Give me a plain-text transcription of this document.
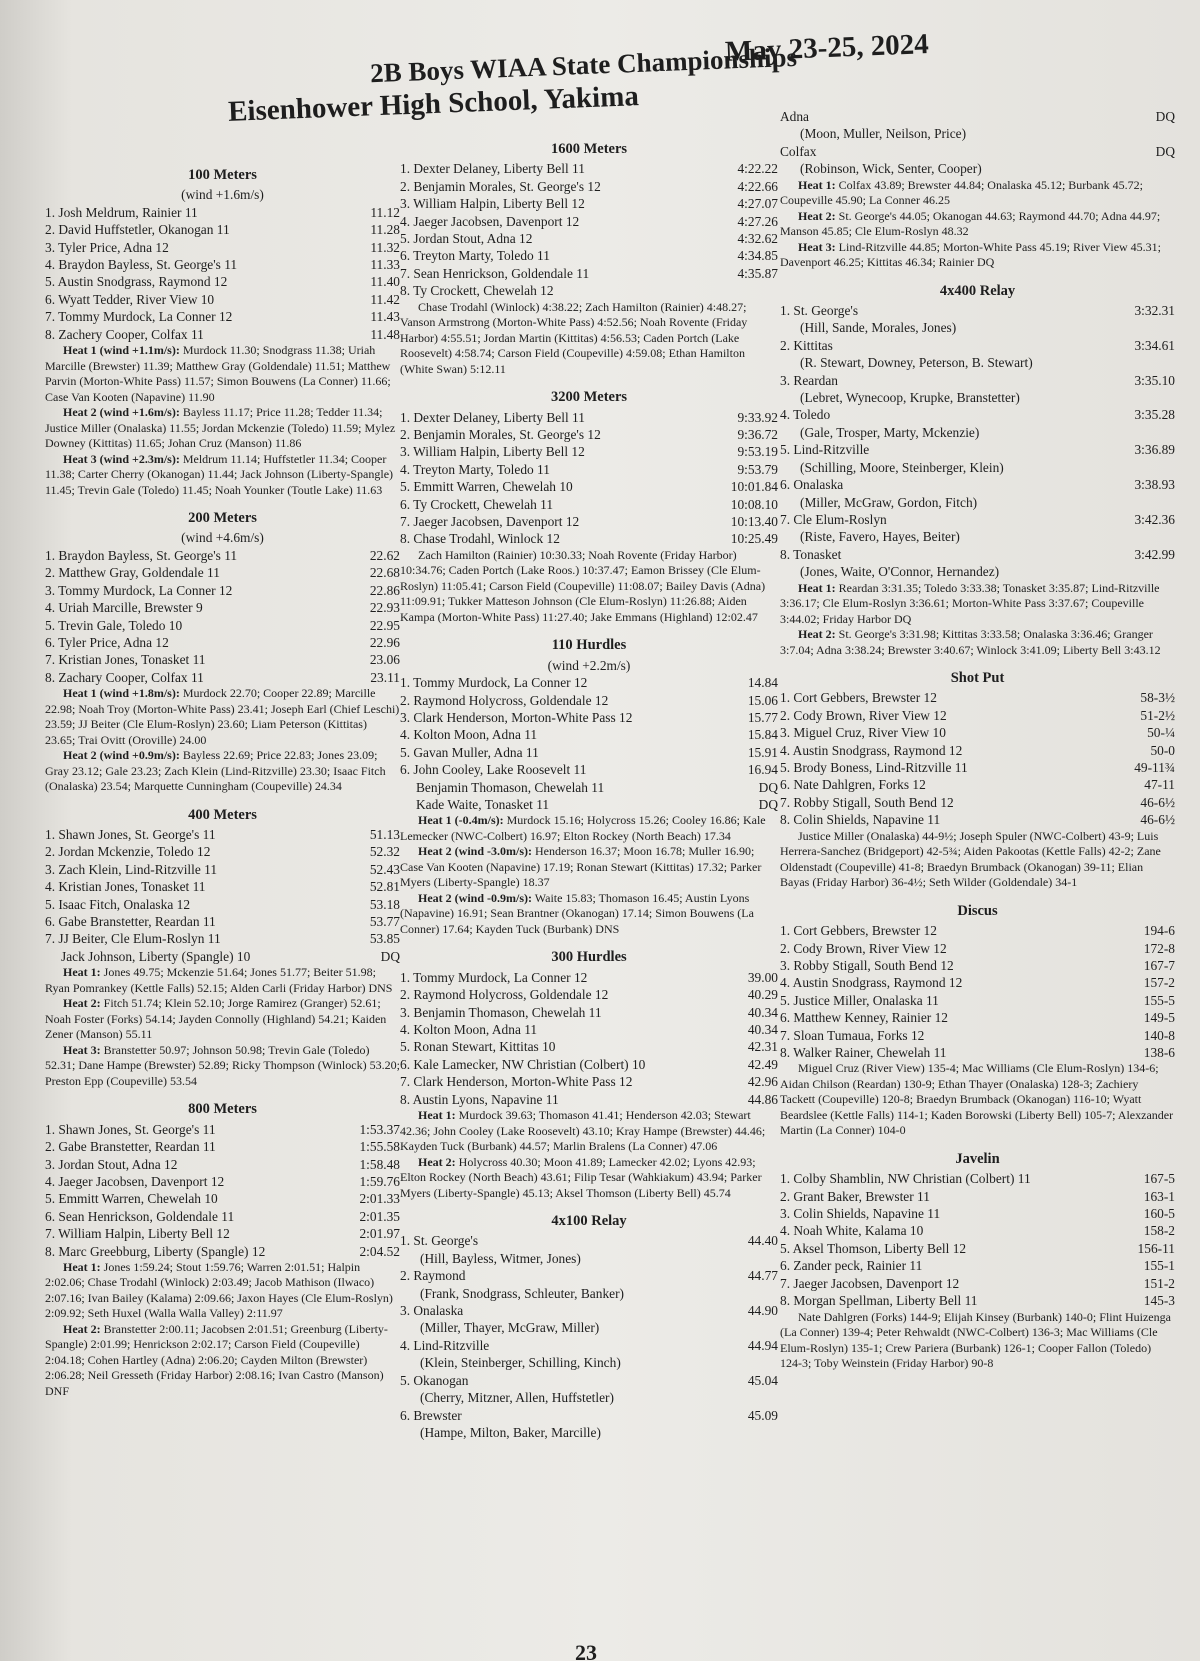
2B Boys WIAA State Championships
Eisenhower High School, Yakima
May 23-25, 2024
100 Meters
(wind +1.6m/s)
1. Josh Meldrum, Rainier 11	11.12
2. David Huffstetler, Okanogan 11	11.28
3. Tyler Price, Adna 12	11.32
4. Braydon Bayless, St. George's 11	11.33
5. Austin Snodgrass, Raymond 12	11.40
6. Wyatt Tedder, River View 10	11.42
7. Tommy Murdock, La Conner 12	11.43
8. Zachery Cooper, Colfax 11	11.48
Heat 1 (wind +1.1m/s): Murdock 11.30; Snodgrass 11.38; Uriah Marcille (Brewster) 11.39; Matthew Gray (Goldendale) 11.51; Matthew Parvin (Morton-White Pass) 11.57; Simon Bouwens (La Conner) 11.66; Case Van Kooten (Napavine) 11.90
Heat 2 (wind +1.6m/s): Bayless 11.17; Price 11.28; Tedder 11.34; Justice Miller (Onalaska) 11.55; Jordan Mckenzie (Toledo) 11.59; Mylez Downey (Kittitas) 11.65; Johan Cruz (Manson) 11.86
Heat 3 (wind +2.3m/s): Meldrum 11.14; Huffstetler 11.34; Cooper 11.38; Carter Cherry (Okanogan) 11.44; Jack Johnson (Liberty-Spangle) 11.45; Trevin Gale (Toledo) 11.45; Noah Younker (Toutle Lake) 11.63
200 Meters
(wind +4.6m/s)
1. Braydon Bayless, St. George's 11	22.62
2. Matthew Gray, Goldendale 11	22.68
3. Tommy Murdock, La Conner 12	22.86
4. Uriah Marcille, Brewster 9	22.93
5. Trevin Gale, Toledo 10	22.95
6. Tyler Price, Adna 12	22.96
7. Kristian Jones, Tonasket 11	23.06
8. Zachary Cooper, Colfax 11	23.11
Heat 1 (wind +1.8m/s): Murdock 22.70; Cooper 22.89; Marcille 22.98; Noah Troy (Morton-White Pass) 23.41; Joseph Earl (Chief Leschi) 23.59; JJ Beiter (Cle Elum-Roslyn) 23.60; Liam Peterson (Kittitas) 23.65; Trai Ovitt (Oroville) 24.00
Heat 2 (wind +0.9m/s): Bayless 22.69; Price 22.83; Jones 23.09; Gray 23.12; Gale 23.23; Zach Klein (Lind-Ritzville) 23.30; Isaac Fitch (Onalaska) 23.54; Marquette Cunningham (Coupeville) 24.34
400 Meters
1. Shawn Jones, St. George's 11	51.13
2. Jordan Mckenzie, Toledo 12	52.32
3. Zach Klein, Lind-Ritzville 11	52.43
4. Kristian Jones, Tonasket 11	52.81
5. Isaac Fitch, Onalaska 12	53.18
6. Gabe Branstetter, Reardan 11	53.77
7. JJ Beiter, Cle Elum-Roslyn 11	53.85
Jack Johnson, Liberty (Spangle) 10	DQ
Heat 1: Jones 49.75; Mckenzie 51.64; Jones 51.77; Beiter 51.98; Ryan Pomrankey (Kettle Falls) 52.15; Alden Carli (Friday Harbor) DNS
Heat 2: Fitch 51.74; Klein 52.10; Jorge Ramirez (Granger) 52.61; Noah Foster (Forks) 54.14; Jayden Connolly (Highland) 54.21; Kaiden Zener (Manson) 55.11
Heat 3: Branstetter 50.97; Johnson 50.98; Trevin Gale (Toledo) 52.31; Dane Hampe (Brewster) 52.89; Ricky Thompson (Winlock) 53.20; Preston Epp (Coupeville) 53.54
800 Meters
1. Shawn Jones, St. George's 11	1:53.37
2. Gabe Branstetter, Reardan 11	1:55.58
3. Jordan Stout, Adna 12	1:58.48
4. Jaeger Jacobsen, Davenport 12	1:59.76
5. Emmitt Warren, Chewelah 10	2:01.33
6. Sean Henrickson, Goldendale 11	2:01.35
7. William Halpin, Liberty Bell 12	2:01.97
8. Marc Greebburg, Liberty (Spangle) 12	2:04.52
Heat 1: Jones 1:59.24; Stout 1:59.76; Warren 2:01.51; Halpin 2:02.06; Chase Trodahl (Winlock) 2:03.49; Jacob Mathison (Ilwaco) 2:07.16; Ivan Bailey (Kalama) 2:09.66; Jaxon Hayes (Cle Elum-Roslyn) 2:09.92; Seth Huxel (Walla Walla Valley) 2:11.97
Heat 2: Branstetter 2:00.11; Jacobsen 2:01.51; Greenburg (Liberty-Spangle) 2:01.99; Henrickson 2:02.17; Carson Field (Coupeville) 2:04.18; Cohen Hartley (Adna) 2:06.20; Cayden Milton (Brewster) 2:06.28; Neil Gresseth (Friday Harbor) 2:08.16; Ivan Castro (Manson) DNF
1600 Meters
1. Dexter Delaney, Liberty Bell 11	4:22.22
2. Benjamin Morales, St. George's 12	4:22.66
3. William Halpin, Liberty Bell 12	4:27.07
4. Jaeger Jacobsen, Davenport 12	4:27.26
5. Jordan Stout, Adna 12	4:32.62
6. Treyton Marty, Toledo 11	4:34.85
7. Sean Henrickson, Goldendale 11	4:35.87
8. Ty Crockett, Chewelah 12
Chase Trodahl (Winlock) 4:38.22; Zach Hamilton (Rainier) 4:48.27; Vanson Armstrong (Morton-White Pass) 4:52.56; Noah Rovente (Friday Harbor) 4:55.51; Jordan Martin (Kittitas) 4:56.53; Caden Portch (Lake Roosevelt) 4:58.74; Carson Field (Coupeville) 4:59.08; Ethan Hamilton (White Swan) 5:12.11
3200 Meters
1. Dexter Delaney, Liberty Bell 11	9:33.92
2. Benjamin Morales, St. George's 12	9:36.72
3. William Halpin, Liberty Bell 12	9:53.19
4. Treyton Marty, Toledo 11	9:53.79
5. Emmitt Warren, Chewelah 10	10:01.84
6. Ty Crockett, Chewelah 11	10:08.10
7. Jaeger Jacobsen, Davenport 12	10:13.40
8. Chase Trodahl, Winlock 12	10:25.49
Zach Hamilton (Rainier) 10:30.33; Noah Rovente (Friday Harbor) 10:34.76; Caden Portch (Lake Roos.) 10:37.47; Eamon Brissey (Cle Elum-Roslyn) 11:05.41; Carson Field (Coupeville) 11:08.07; Bailey Davis (Adna) 11:09.91; Tukker Matteson Johnson (Cle Elum-Roslyn) 11:26.88; Aiden Kampa (Morton-White Pass) 11:27.40; Jake Emmans (Highland) 12:02.47
110 Hurdles
(wind +2.2m/s)
1. Tommy Murdock, La Conner 12	14.84
2. Raymond Holycross, Goldendale 12	15.06
3. Clark Henderson, Morton-White Pass 12	15.77
4. Kolton Moon, Adna 11	15.84
5. Gavan Muller, Adna 11	15.91
6. John Cooley, Lake Roosevelt 11	16.94
Benjamin Thomason, Chewelah 11	DQ
Kade Waite, Tonasket 11	DQ
Heat 1 (-0.4m/s): Murdock 15.16; Holycross 15.26; Cooley 16.86; Kale Lemecker (NWC-Colbert) 16.97; Elton Rockey (North Beach) 17.34
Heat 2 (wind -3.0m/s): Henderson 16.37; Moon 16.78; Muller 16.90; Case Van Kooten (Napavine) 17.19; Ronan Stewart (Kittitas) 17.32; Parker Myers (Liberty-Spangle) 18.37
Heat 2 (wind -0.9m/s): Waite 15.83; Thomason 16.45; Austin Lyons (Napavine) 16.91; Sean Brantner (Okanogan) 17.14; Simon Bouwens (La Conner) 17.64; Kayden Tuck (Burbank) DNS
300 Hurdles
1. Tommy Murdock, La Conner 12	39.00
2. Raymond Holycross, Goldendale 12	40.29
3. Benjamin Thomason, Chewelah 11	40.34
4. Kolton Moon, Adna 11	40.34
5. Ronan Stewart, Kittitas 10	42.31
6. Kale Lamecker, NW Christian (Colbert) 10	42.49
7. Clark Henderson, Morton-White Pass 12	42.96
8. Austin Lyons, Napavine 11	44.86
Heat 1: Murdock 39.63; Thomason 41.41; Henderson 42.03; Stewart 42.36; John Cooley (Lake Roosevelt) 43.10; Kray Hampe (Brewster) 44.46; Kayden Tuck (Burbank) 44.57; Marlin Bralens (La Conner) 47.06
Heat 2: Holycross 40.30; Moon 41.89; Lamecker 42.02; Lyons 42.93; Elton Rockey (North Beach) 43.61; Filip Tesar (Wahkiakum) 43.94; Parker Myers (Liberty-Spangle) 45.13; Aksel Thomson (Liberty Bell) 45.74
4x100 Relay
1. St. George's	44.40
(Hill, Bayless, Witmer, Jones)
2. Raymond	44.77
(Frank, Snodgrass, Schleuter, Banker)
3. Onalaska	44.90
(Miller, Thayer, McGraw, Miller)
4. Lind-Ritzville	44.94
(Klein, Steinberger, Schilling, Kinch)
5. Okanogan	45.04
(Cherry, Mitzner, Allen, Huffstetler)
6. Brewster	45.09
(Hampe, Milton, Baker, Marcille)
Adna	DQ
(Moon, Muller, Neilson, Price)
Colfax	DQ
(Robinson, Wick, Senter, Cooper)
Heat 1: Colfax 43.89; Brewster 44.84; Onalaska 45.12; Burbank 45.72; Coupeville 45.90; La Conner 46.25
Heat 2: St. George's 44.05; Okanogan 44.63; Raymond 44.70; Adna 44.97; Manson 45.85; Cle Elum-Roslyn 48.32
Heat 3: Lind-Ritzville 44.85; Morton-White Pass 45.19; River View 45.31; Davenport 46.25; Kittitas 46.34; Rainier DQ
4x400 Relay
1. St. George's	3:32.31
(Hill, Sande, Morales, Jones)
2. Kittitas	3:34.61
(R. Stewart, Downey, Peterson, B. Stewart)
3. Reardan	3:35.10
(Lebret, Wynecoop, Krupke, Branstetter)
4. Toledo	3:35.28
(Gale, Trosper, Marty, Mckenzie)
5. Lind-Ritzville	3:36.89
(Schilling, Moore, Steinberger, Klein)
6. Onalaska	3:38.93
(Miller, McGraw, Gordon, Fitch)
7. Cle Elum-Roslyn	3:42.36
(Riste, Favero, Hayes, Beiter)
8. Tonasket	3:42.99
(Jones, Waite, O'Connor, Hernandez)
Heat 1: Reardan 3:31.35; Toledo 3:33.38; Tonasket 3:35.87; Lind-Ritzville 3:36.17; Cle Elum-Roslyn 3:36.61; Morton-White Pass 3:37.67; Coupeville 3:44.02; Friday Harbor DQ
Heat 2: St. George's 3:31.98; Kittitas 3:33.58; Onalaska 3:36.46; Granger 3:7.04; Adna 3:38.24; Brewster 3:40.67; Winlock 3:41.09; Liberty Bell 3:43.12
Shot Put
1. Cort Gebbers, Brewster 12	58-3½
2. Cody Brown, River View 12	51-2½
3. Miguel Cruz, River View 10	50-¼
4. Austin Snodgrass, Raymond 12	50-0
5. Brody Boness, Lind-Ritzville 11	49-11¾
6. Nate Dahlgren, Forks 12	47-11
7. Robby Stigall, South Bend 12	46-6½
8. Colin Shields, Napavine 11	46-6½
Justice Miller (Onalaska) 44-9½; Joseph Spuler (NWC-Colbert) 43-9; Luis Herrera-Sanchez (Bridgeport) 42-5¾; Aiden Pakootas (Kettle Falls) 42-2; Zane Oldenstadt (Coupeville) 41-8; Braedyn Brumback (Okanogan) 39-11; Elian Bayas (Friday Harbor) 36-4½; Seth Wilder (Goldendale) 34-1
Discus
1. Cort Gebbers, Brewster 12	194-6
2. Cody Brown, River View 12	172-8
3. Robby Stigall, South Bend 12	167-7
4. Austin Snodgrass, Raymond 12	157-2
5. Justice Miller, Onalaska 11	155-5
6. Matthew Kenney, Rainier 12	149-5
7. Sloan Tumaua, Forks 12	140-8
8. Walker Rainer, Chewelah 11	138-6
Miguel Cruz (River View) 135-4; Mac Williams (Cle Elum-Roslyn) 134-6; Aidan Chilson (Reardan) 130-9; Ethan Thayer (Onalaska) 128-3; Zachiery Tackett (Coupeville) 120-8; Braedyn Brumback (Okanogan) 116-10; Wyatt Beardslee (Kettle Falls) 114-1; Kaden Borowski (Liberty Bell) 105-7; Alexzander Martin (La Conner) 104-0
Javelin
1. Colby Shamblin, NW Christian (Colbert) 11	167-5
2. Grant Baker, Brewster 11	163-1
3. Colin Shields, Napavine 11	160-5
4. Noah White, Kalama 10	158-2
5. Aksel Thomson, Liberty Bell 12	156-11
6. Zander peck, Rainier 11	155-1
7. Jaeger Jacobsen, Davenport 12	151-2
8. Morgan Spellman, Liberty Bell 11	145-3
Nate Dahlgren (Forks) 144-9; Elijah Kinsey (Burbank) 140-0; Flint Huizenga (La Conner) 139-4; Peter Rehwaldt (NWC-Colbert) 136-3; Mac Williams (Cle Elum-Roslyn) 135-1; Crew Pariera (Burbank) 126-1; Cooper Fallon (Toledo) 124-3; Toby Weinstein (Friday Harbor) 90-8
23
